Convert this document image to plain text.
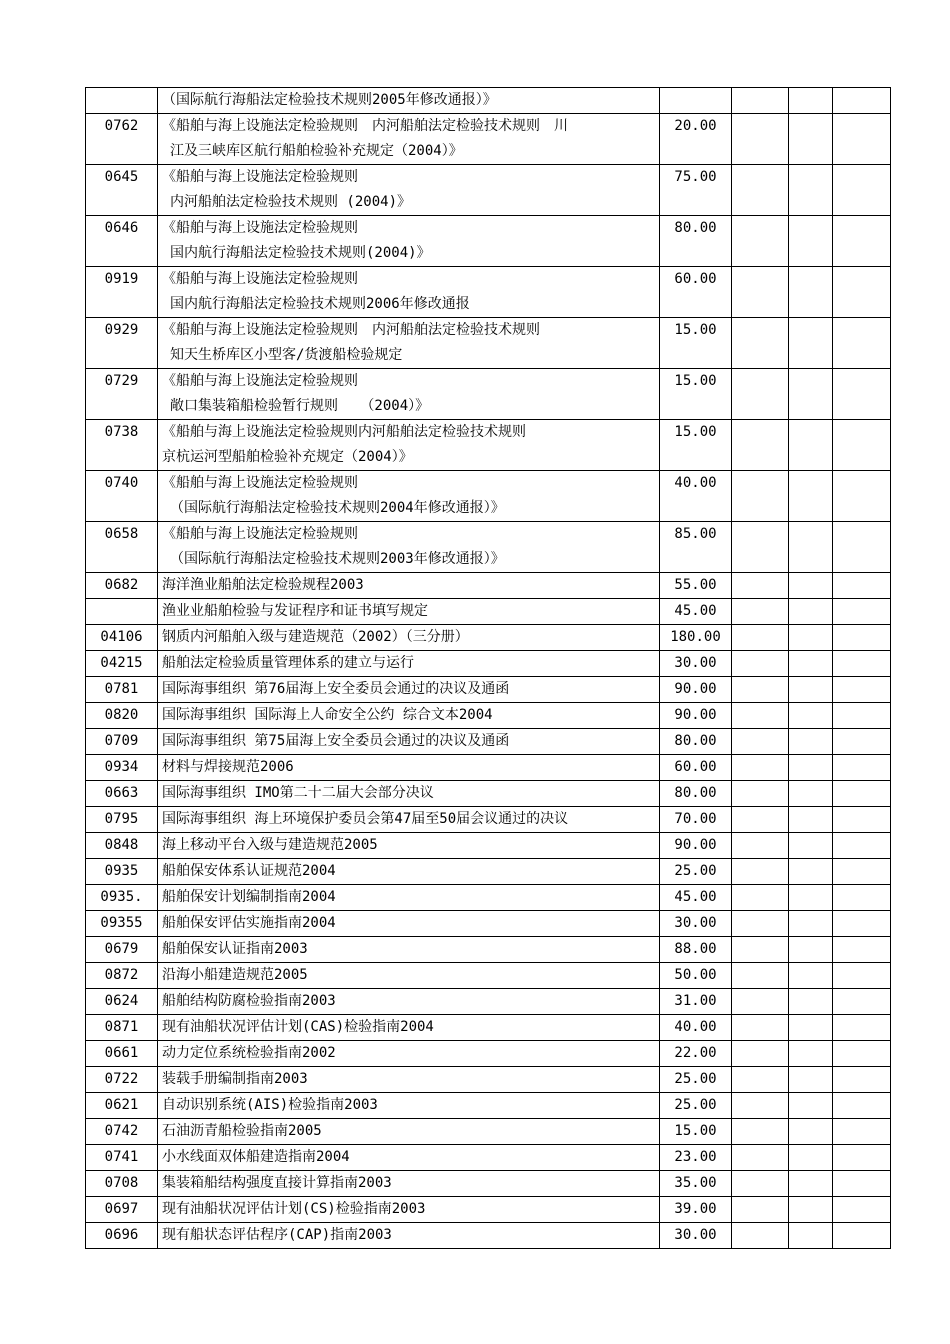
	（国际航行海船法定检验技术规则2005年修改通报）》				

0762	《船舶与海上设施法定检验规则　内河船舶法定检验技术规则　川
江及三峡库区航行船舶检验补充规定（2004）》	20.00			
0645	《船舶与海上设施法定检验规则
内河船舶法定检验技术规则 (2004)》	75.00			
0646	《船舶与海上设施法定检验规则
国内航行海船法定检验技术规则(2004)》	80.00			
0919	《船舶与海上设施法定检验规则
国内航行海船法定检验技术规则2006年修改通报	60.00			
0929	《船舶与海上设施法定检验规则　内河船舶法定检验技术规则
知天生桥库区小型客/货渡船检验规定	15.00			
0729	《船舶与海上设施法定检验规则
敞口集装箱船检验暂行规则　 （2004）》	15.00			
0738	《船舶与海上设施法定检验规则内河船舶法定检验技术规则
京杭运河型船舶检验补充规定（2004）》	15.00			
0740	《船舶与海上设施法定检验规则
（国际航行海船法定检验技术规则2004年修改通报）》	40.00			
0658	《船舶与海上设施法定检验规则
（国际航行海船法定检验技术规则2003年修改通报）》	85.00			
0682	海洋渔业船舶法定检验规程2003	55.00			

	渔业业船舶检验与发证程序和证书填写规定	45.00			
04106	钢质内河船舶入级与建造规范（2002）（三分册）	180.00			
04215	船舶法定检验质量管理体系的建立与运行	30.00			
0781	国际海事组织 第76届海上安全委员会通过的决议及通函	90.00			
0820	国际海事组织 国际海上人命安全公约 综合文本2004	90.00			
0709	国际海事组织 第75届海上安全委员会通过的决议及通函	80.00			
0934	材料与焊接规范2006	60.00			
0663	国际海事组织 IMO第二十二届大会部分决议	80.00			
0795	国际海事组织 海上环境保护委员会第47届至50届会议通过的决议	70.00			
0848	海上移动平台入级与建造规范2005	90.00			
0935	船舶保安体系认证规范2004	25.00			
0935.	船舶保安计划编制指南2004	45.00			
09355	船舶保安评估实施指南2004	30.00			
0679	船舶保安认证指南2003	88.00			
0872	沿海小船建造规范2005	50.00			
0624	船舶结构防腐检验指南2003	31.00			
0871	现有油船状况评估计划(CAS)检验指南2004	40.00			
0661	动力定位系统检验指南2002	22.00			
0722	装载手册编制指南2003	25.00			
0621	自动识别系统(AIS)检验指南2003	25.00			
0742	石油沥青船检验指南2005	15.00			
0741	小水线面双体船建造指南2004	23.00			
0708	集装箱船结构强度直接计算指南2003	35.00			
0697	现有油船状况评估计划(CS)检验指南2003	39.00			
0696	现有船状态评估程序(CAP)指南2003	30.00			
